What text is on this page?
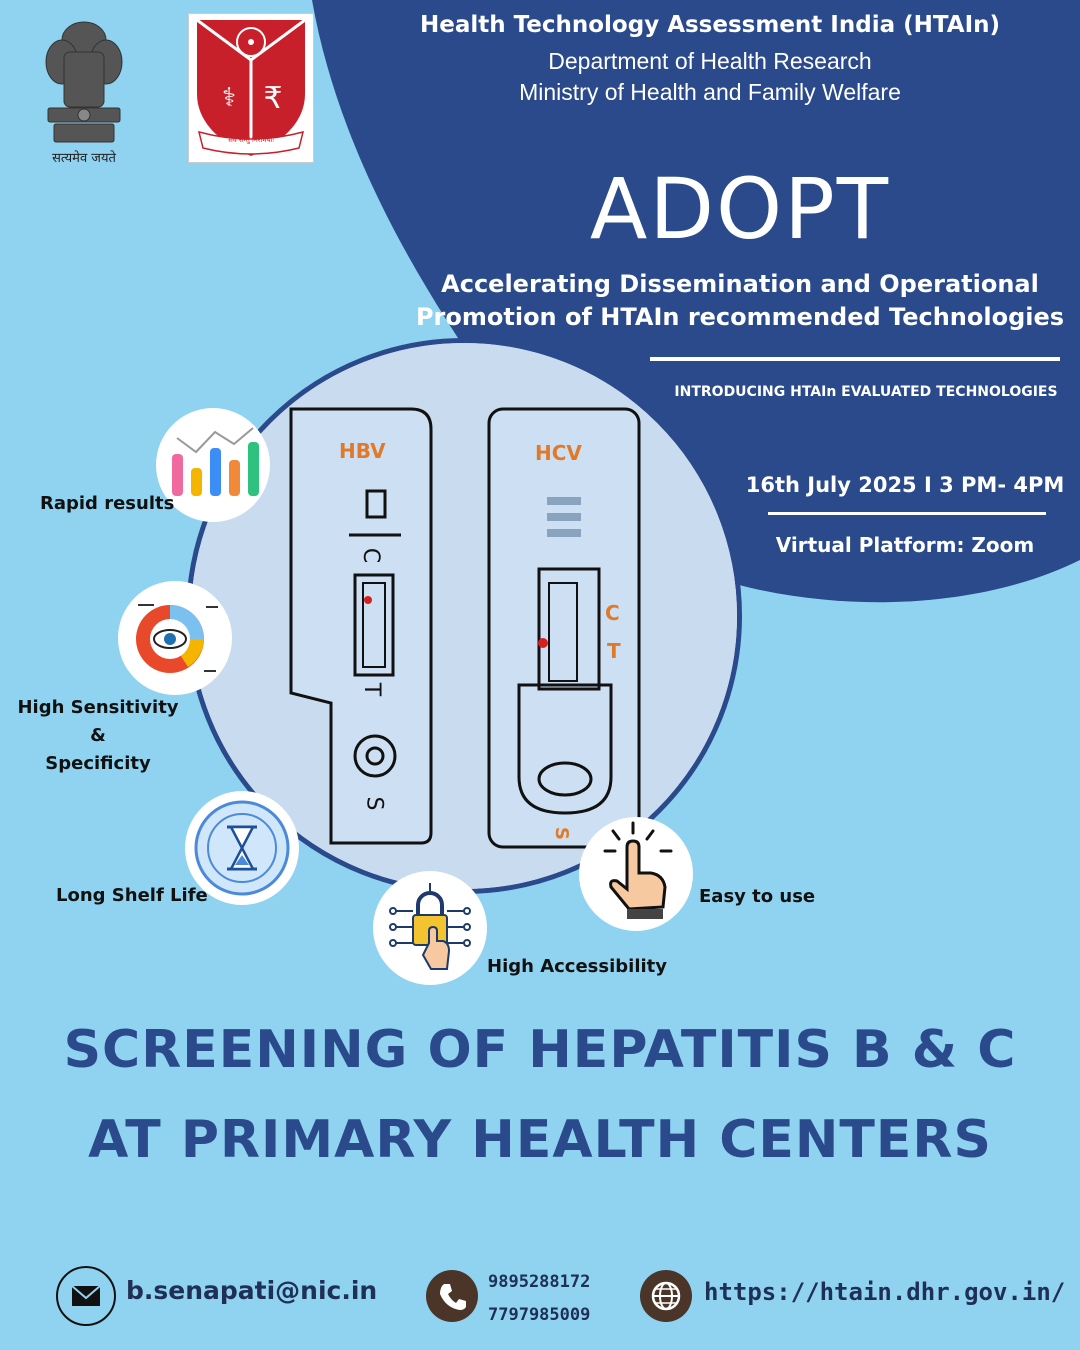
सत्यमेव जयते
⚕ ₹
सर्वे सन्तु निरामयाः
Health Technology Assessment India (HTAIn)
Department of Health Research
Ministry of Health and Family Welfare
ADOPT
Accelerating Dissemination and Operational
Promotion of HTAIn recommended Technologies
INTRODUCING HTAIn EVALUATED TECHNOLOGIES
16th July 2025 I 3 PM- 4PM
Virtual Platform: Zoom
HBV	HCV
C
T
S
C
T
S
Rapid results
High Sensitivity &
Specificity
Long Shelf Life
High Accessibility
Easy to use
SCREENING OF HEPATITIS B & C
AT PRIMARY HEALTH CENTERS
b.senapati@nic.in	9895288172
7797985009
https://htain.dhr.gov.in/
